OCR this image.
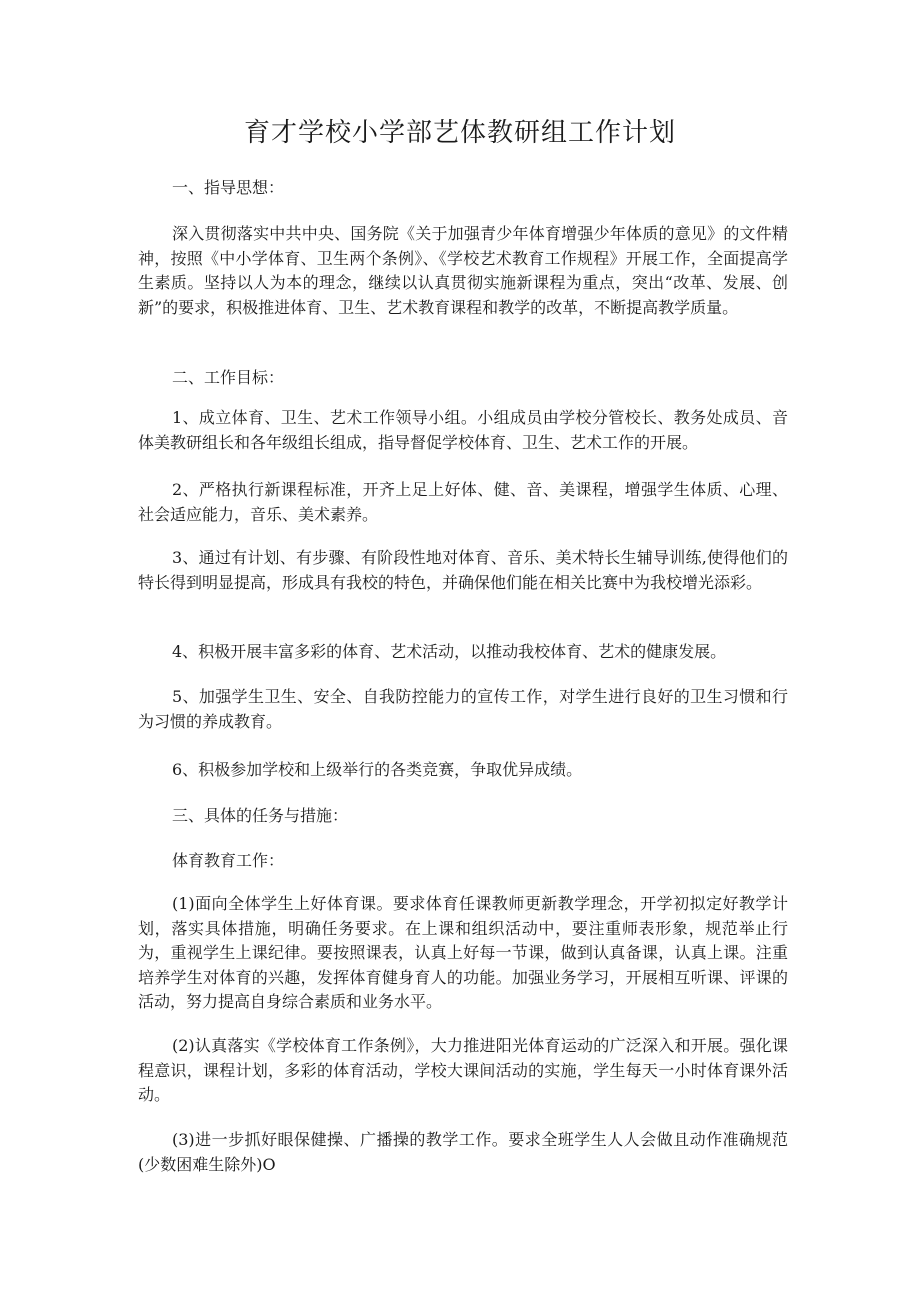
育才学校小学部艺体教研组工作计划

一、指导思想：

深入贯彻落实中共中央、国务院《关于加强青少年体育增强少年体质的意见》的文件精神，按照《中小学体育、卫生两个条例》、《学校艺术教育工作规程》开展工作，全面提高学生素质。坚持以人为本的理念，继续以认真贯彻实施新课程为重点，突出“改革、发展、创新”的要求，积极推进体育、卫生、艺术教育课程和教学的改革，不断提高教学质量。

二、工作目标：

1、成立体育、卫生、艺术工作领导小组。小组成员由学校分管校长、教务处成员、音体美教研组长和各年级组长组成，指导督促学校体育、卫生、艺术工作的开展。

2、严格执行新课程标准，开齐上足上好体、健、音、美课程，增强学生体质、心理、社会适应能力，音乐、美术素养。

3、通过有计划、有步骤、有阶段性地对体育、音乐、美术特长生辅导训练,使得他们的特长得到明显提高，形成具有我校的特色，并确保他们能在相关比赛中为我校增光添彩。

4、积极开展丰富多彩的体育、艺术活动，以推动我校体育、艺术的健康发展。

5、加强学生卫生、安全、自我防控能力的宣传工作，对学生进行良好的卫生习惯和行为习惯的养成教育。

6、积极参加学校和上级举行的各类竞赛，争取优异成绩。

三、具体的任务与措施：

体育教育工作：

(1)面向全体学生上好体育课。要求体育任课教师更新教学理念，开学初拟定好教学计划，落实具体措施，明确任务要求。在上课和组织活动中，要注重师表形象，规范举止行为，重视学生上课纪律。要按照课表，认真上好每一节课，做到认真备课，认真上课。注重培养学生对体育的兴趣，发挥体育健身育人的功能。加强业务学习，开展相互听课、评课的活动，努力提高自身综合素质和业务水平。

(2)认真落实《学校体育工作条例》，大力推进阳光体育运动的广泛深入和开展。强化课程意识，课程计划，多彩的体育活动，学校大课间活动的实施，学生每天一小时体育课外活动。

(3)进一步抓好眼保健操、广播操的教学工作。要求全班学生人人会做且动作准确规范(少数困难生除外)O
